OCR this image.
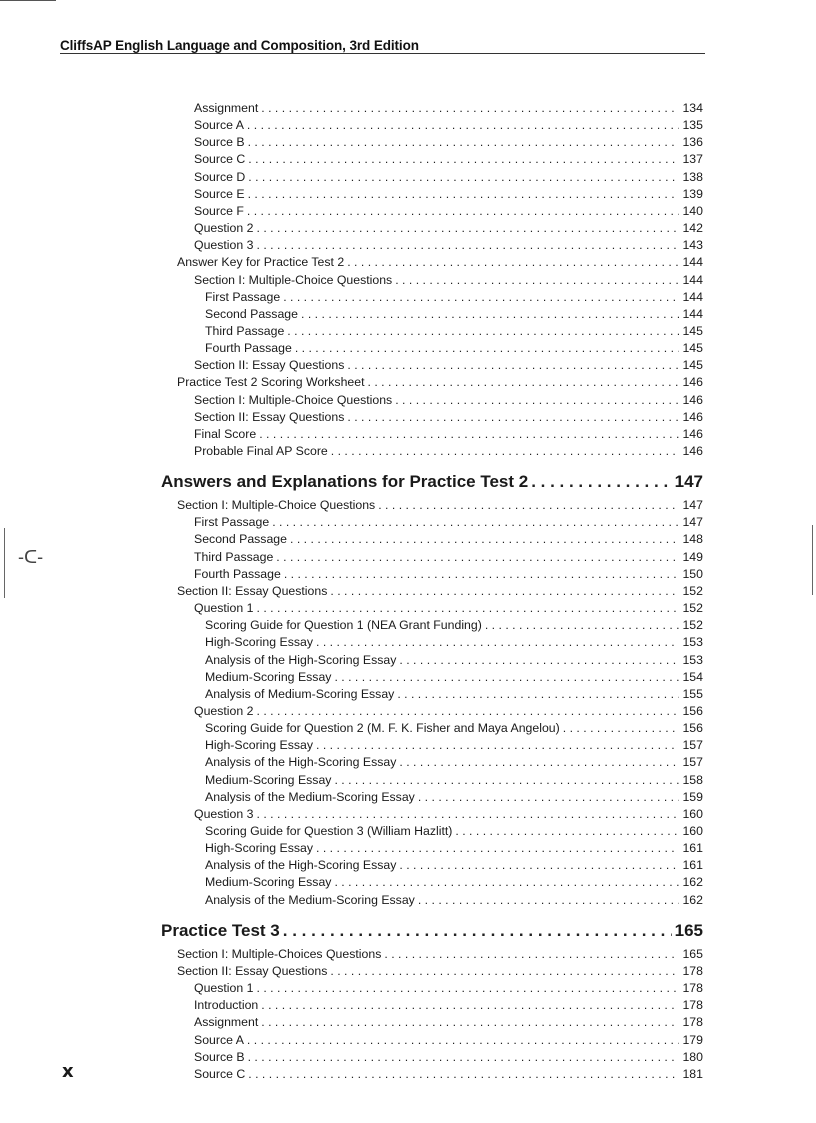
CliffsAP English Language and Composition, 3rd Edition
-ᑕ-
Assignment . . .	134
Source A . . .	135
Source B . . .	136
Source C . . .	137
Source D . . .	138
Source E . . .	139
Source F . . .	140
Question 2 . . .	142
Question 3 . . .	143
Answer Key for Practice Test 2 . . .	144
Section I: Multiple-Choice Questions . . .	144
First Passage . . .	144
Second Passage . . .	144
Third Passage . . .	145
Fourth Passage . . .	145
Section II: Essay Questions . . .	145
Practice Test 2 Scoring Worksheet . . .	146
Section I: Multiple-Choice Questions . . .	146
Section II: Essay Questions . . .	146
Final Score . . .	146
Probable Final AP Score . . .	146
Answers and Explanations for Practice Test 2 . . .	147
Section I: Multiple-Choice Questions . . .	147
First Passage . . .	147
Second Passage . . .	148
Third Passage . . .	149
Fourth Passage . . .	150
Section II: Essay Questions . . .	152
Question 1 . . .	152
Scoring Guide for Question 1 (NEA Grant Funding) . . .	152
High-Scoring Essay . . .	153
Analysis of the High-Scoring Essay . . .	153
Medium-Scoring Essay . . .	154
Analysis of Medium-Scoring Essay . . .	155
Question 2 . . .	156
Scoring Guide for Question 2 (M. F. K. Fisher and Maya Angelou) . . .	156
High-Scoring Essay . . .	157
Analysis of the High-Scoring Essay . . .	157
Medium-Scoring Essay . . .	158
Analysis of the Medium-Scoring Essay . . .	159
Question 3 . . .	160
Scoring Guide for Question 3 (William Hazlitt) . . .	160
High-Scoring Essay . . .	161
Analysis of the High-Scoring Essay . . .	161
Medium-Scoring Essay . . .	162
Analysis of the Medium-Scoring Essay . . .	162
Practice Test 3 . . .	165
Section I: Multiple-Choices Questions . . .	165
Section II: Essay Questions . . .	178
Question 1 . . .	178
Introduction . . .	178
Assignment . . .	178
Source A . . .	179
Source B . . .	180
Source C . . .	181
x
